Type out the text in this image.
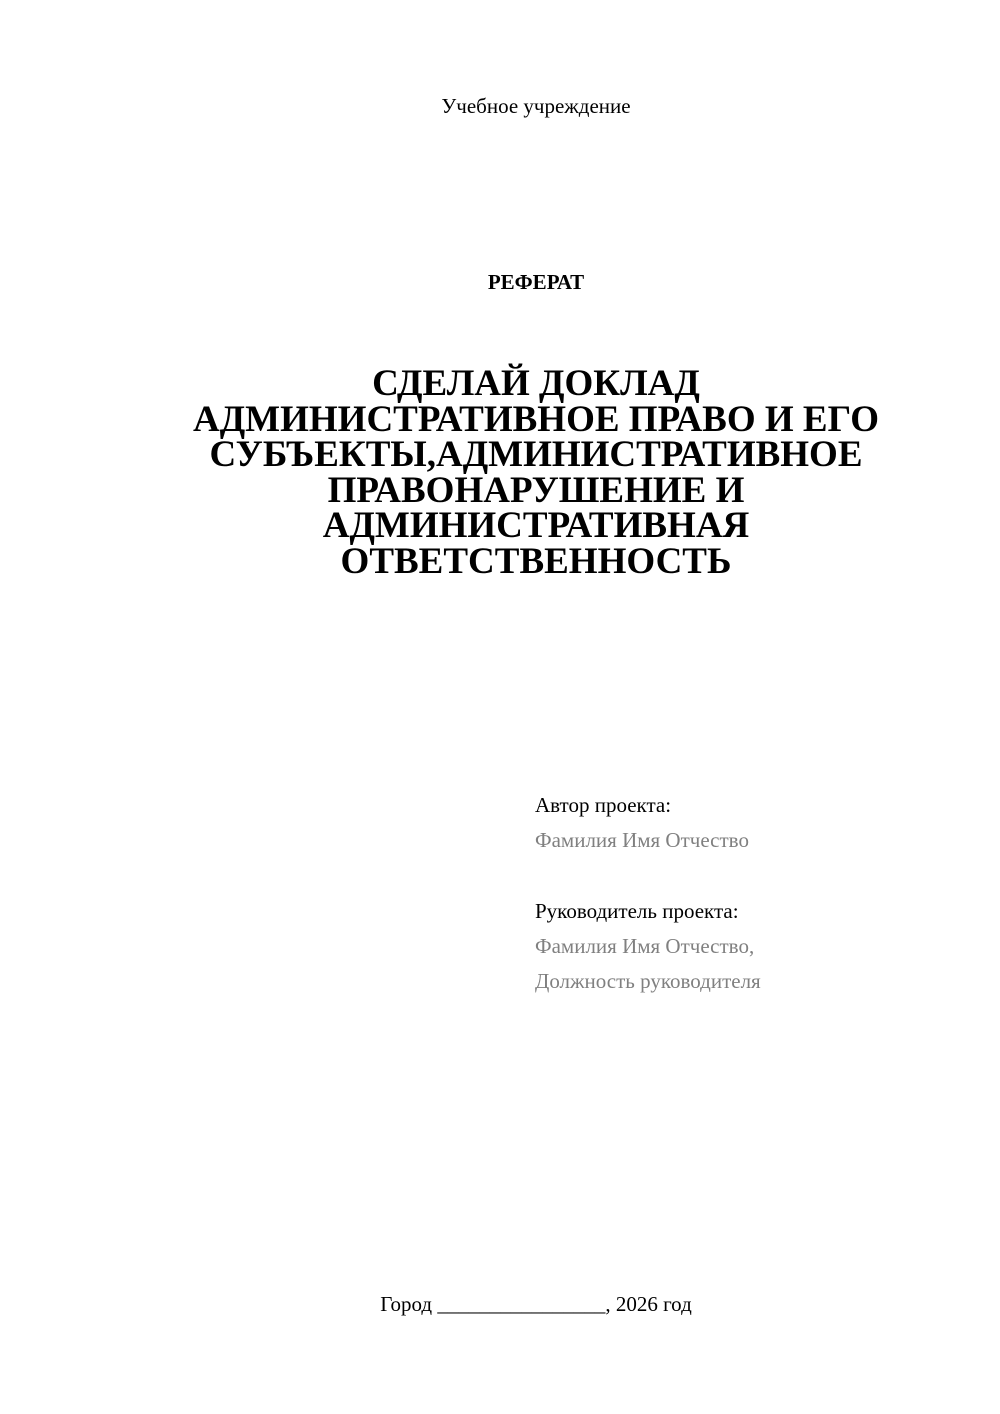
Учебное учреждение
РЕФЕРАТ
СДЕЛАЙ ДОКЛАД
АДМИНИСТРАТИВНОЕ ПРАВО И ЕГО
СУБЪЕКТЫ,АДМИНИСТРАТИВНОЕ
ПРАВОНАРУШЕНИЕ И
АДМИНИСТРАТИВНАЯ
ОТВЕТСТВЕННОСТЬ
Автор проекта:
Фамилия Имя Отчество
Руководитель проекта:
Фамилия Имя Отчество,
Должность руководителя
Город ________________, 2026 год
